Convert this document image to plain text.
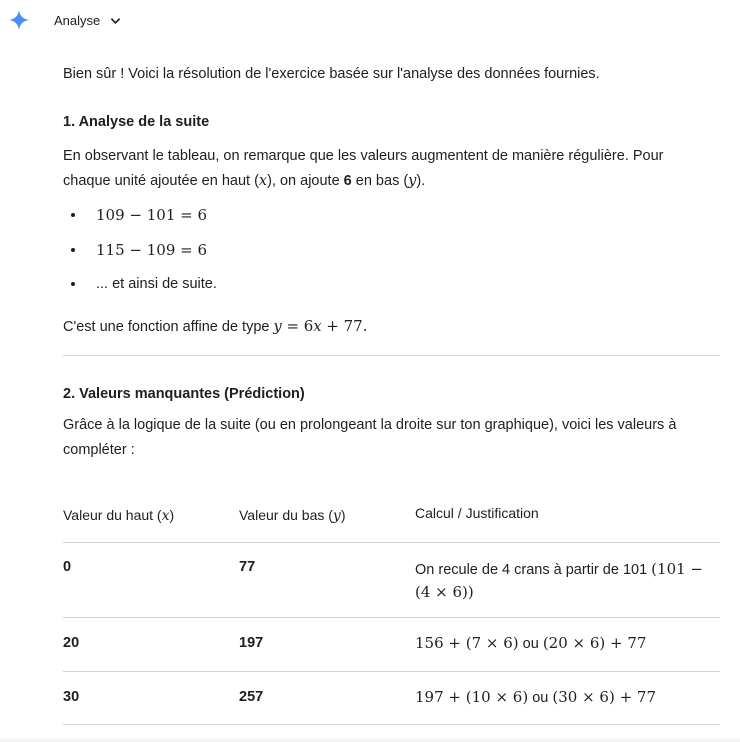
Analyse

Bien sûr ! Voici la résolution de l'exercice basée sur l'analyse des données fournies.

1. Analyse de la suite

En observant le tableau, on remarque que les valeurs augmentent de manière régulière. Pour
chaque unité ajoutée en haut (x), on ajoute 6 en bas (y).

109 − 101 = 6
115 − 109 = 6
... et ainsi de suite.

C'est une fonction affine de type y = 6x + 77.

2. Valeurs manquantes (Prédiction)

Grâce à la logique de la suite (ou en prolongeant la droite sur ton graphique), voici les valeurs à
compléter :

Valeur du haut (x)	Valeur du bas (y)	Calcul / Justification
0	77	On recule de 4 crans à partir de 101 (101 −
(4 × 6))
20	197	156 + (7 × 6) ou (20 × 6) + 77
30	257	197 + (10 × 6) ou (30 × 6) + 77
